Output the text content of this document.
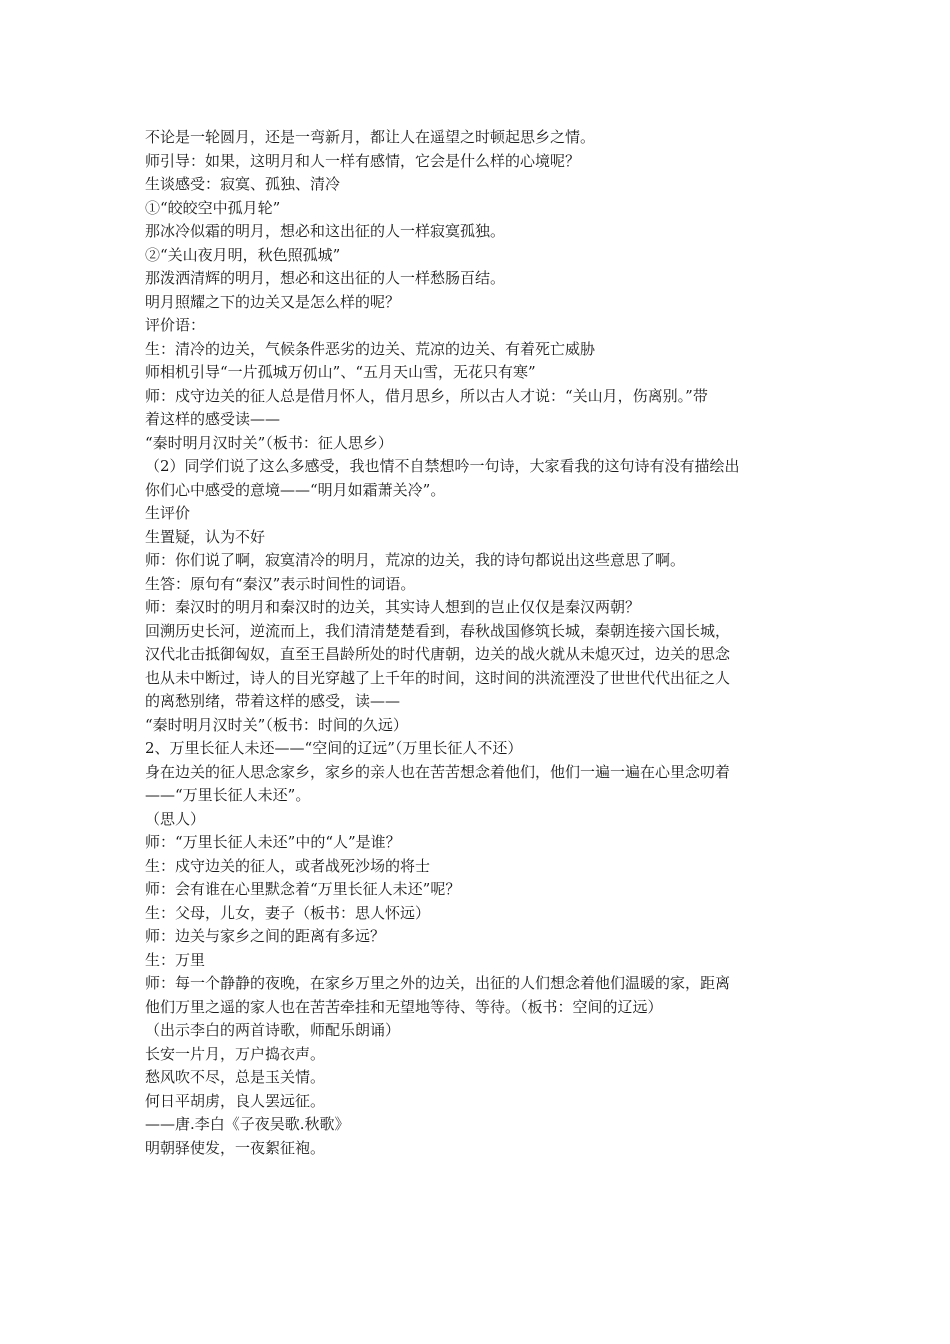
不论是一轮圆月，还是一弯新月，都让人在遥望之时顿起思乡之情。
师引导：如果，这明月和人一样有感情，它会是什么样的心境呢？
生谈感受：寂寞、孤独、清冷
①“皎皎空中孤月轮”
那冰冷似霜的明月，想必和这出征的人一样寂寞孤独。
②“关山夜月明，秋色照孤城”
那泼洒清辉的明月，想必和这出征的人一样愁肠百结。
明月照耀之下的边关又是怎么样的呢？
评价语：
生：清冷的边关，气候条件恶劣的边关、荒凉的边关、有着死亡威胁
师相机引导“一片孤城万仞山”、“五月天山雪，无花只有寒”
师：戍守边关的征人总是借月怀人，借月思乡，所以古人才说：“关山月，伤离别。”带
着这样的感受读——
“秦时明月汉时关”（板书：征人思乡）
（2）同学们说了这么多感受，我也情不自禁想吟一句诗，大家看我的这句诗有没有描绘出
你们心中感受的意境——“明月如霜萧关冷”。
生评价
生置疑，认为不好
师：你们说了啊，寂寞清冷的明月，荒凉的边关，我的诗句都说出这些意思了啊。
生答：原句有“秦汉”表示时间性的词语。
师：秦汉时的明月和秦汉时的边关，其实诗人想到的岂止仅仅是秦汉两朝？
回溯历史长河，逆流而上，我们清清楚楚看到，春秋战国修筑长城，秦朝连接六国长城，
汉代北击抵御匈奴，直至王昌龄所处的时代唐朝，边关的战火就从未熄灭过，边关的思念
也从未中断过，诗人的目光穿越了上千年的时间，这时间的洪流湮没了世世代代出征之人
的离愁别绪，带着这样的感受，读——
“秦时明月汉时关”（板书：时间的久远）
2、万里长征人未还——“空间的辽远”（万里长征人不还）
身在边关的征人思念家乡，家乡的亲人也在苦苦想念着他们，他们一遍一遍在心里念叨着
——“万里长征人未还”。
（思人）
师：“万里长征人未还”中的“人”是谁？
生：戍守边关的征人，或者战死沙场的将士
师：会有谁在心里默念着“万里长征人未还”呢？
生：父母，儿女，妻子（板书：思人怀远）
师：边关与家乡之间的距离有多远？
生：万里
师：每一个静静的夜晚，在家乡万里之外的边关，出征的人们想念着他们温暖的家，距离
他们万里之遥的家人也在苦苦牵挂和无望地等待、等待。（板书：空间的辽远）
（出示李白的两首诗歌，师配乐朗诵）
长安一片月，万户捣衣声。
愁风吹不尽，总是玉关情。
何日平胡虏，良人罢远征。
——唐.李白《子夜吴歌.秋歌》
明朝驿使发，一夜絮征袍。
